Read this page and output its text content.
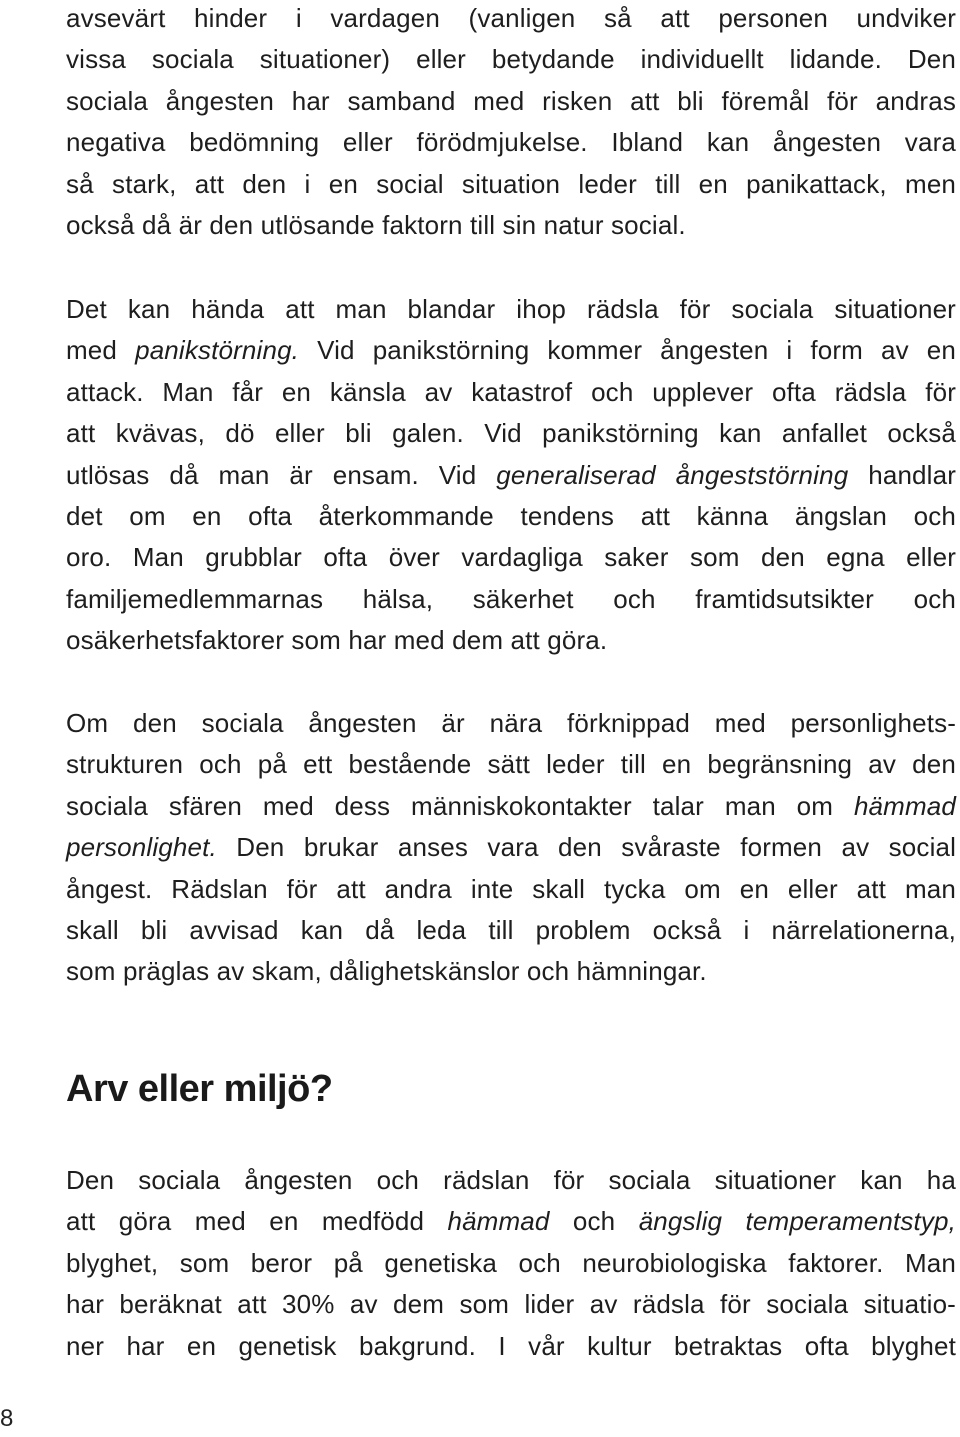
avsevärt hinder i vardagen (vanligen så att personen undviker
vissa sociala situationer) eller betydande individuellt lidande. Den
sociala ångesten har samband med risken att bli föremål för andras
negativa bedömning eller förödmjukelse. Ibland kan ångesten vara
så stark, att den i en social situation leder till en panikattack, men
också då är den utlösande faktorn till sin natur social.
Det kan hända att man blandar ihop rädsla för sociala situationer
med panikstörning. Vid panikstörning kommer ångesten i form av en
attack. Man får en känsla av katastrof och upplever ofta rädsla för
att kvävas, dö eller bli galen. Vid panikstörning kan anfallet också
utlösas då man är ensam. Vid generaliserad ångeststörning handlar
det om en ofta återkommande tendens att känna ängslan och
oro. Man grubblar ofta över vardagliga saker som den egna eller
familjemedlemmarnas hälsa, säkerhet och framtidsutsikter och
osäkerhetsfaktorer som har med dem att göra.
Om den sociala ångesten är nära förknippad med personlighets-
strukturen och på ett bestående sätt leder till en begränsning av den
sociala sfären med dess människokontakter talar man om hämmad
personlighet. Den brukar anses vara den svåraste formen av social
ångest. Rädslan för att andra inte skall tycka om en eller att man
skall bli avvisad kan då leda till problem också i närrelationerna,
som präglas av skam, dålighetskänslor och hämningar.
Arv eller miljö?
Den sociala ångesten och rädslan för sociala situationer kan ha
att göra med en medfödd hämmad och ängslig temperamentstyp,
blyghet, som beror på genetiska och neurobiologiska faktorer. Man
har beräknat att 30% av dem som lider av rädsla för sociala situatio-
ner har en genetisk bakgrund. I vår kultur betraktas ofta blyghet
8
